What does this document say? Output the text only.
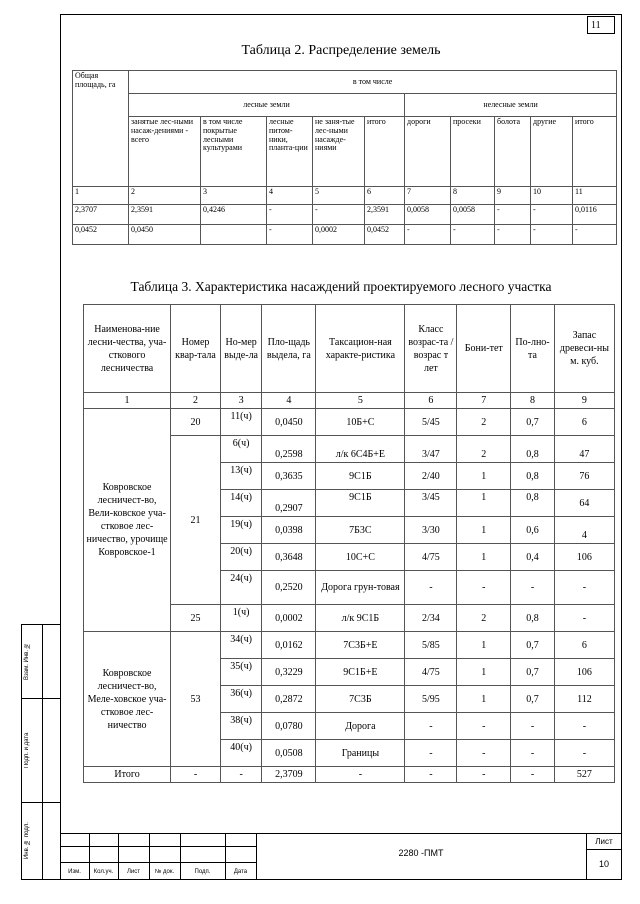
11
Таблица 2. Распределение земель
Общая площадь, га	в том числе									
	лесные земли					нелесные земли				
	занятые лес-ными насаж-дениями - всего	в том числе покрытые лесными культурами	лесные питом-ники, планта-ции	не заня-тые лес-ными насажде-ниями	итого	дороги	просеки	болота	другие	итого
1	2	3	4	5	6	7	8	9	10	11
2,3707	2,3591	0,4246	-	-	2,3591	0,0058	0,0058	-	-	0,0116
0,0452	0,0450		-	0,0002	0,0452	-	-	-	-	-
Таблица 3. Характеристика насаждений проектируемого лесного участка
Наименова-ние лесни-чества, уча-cткового лесничества	Номер квар-тала	Но-мер выде-ла	Пло-щадь выдела, га	Таксацион-ная характе-ристика	Класс возрас-та /возрас т лет	Бони-тет	По-лно-та	Запас древеси-ны м. куб.
1	2	3	4	5	6	7	8	9
Ковровское лесничест-во, Вели-ковское уча-стковое лес-ничество, урочище Ковровское-1	20	11(ч)	0,0450	10Б+С	5/45	2	0,7	6
	21	6(ч)	0,2598	л/к 6С4Б+Е	3/47	2	0,8	47
		13(ч)	0,3635	9С1Б	2/40	1	0,8	76
		14(ч)	0,2907	9С1Б	3/45	1	0,8	64
		19(ч)	0,0398	7Б3С	3/30	1	0,6	4
		20(ч)	0,3648	10С+С	4/75	1	0,4	106
		24(ч)	0,2520	Дорога грун-товая	-	-	-	-
	25	1(ч)	0,0002	л/к 9С1Б	2/34	2	0,8	-
Ковровское лесничест-во, Меле-ховское уча-стковое лес-ничество	53	34(ч)	0,0162	7С3Б+Е	5/85	1	0,7	6
		35(ч)	0,3229	9С1Б+Е	4/75	1	0,7	106
		36(ч)	0,2872	7С3Б	5/95	1	0,7	112
		38(ч)	0,0780	Дорога	-	-	-	-
		40(ч)	0,0508	Границы	-	-	-	-
Итого	-	-	2,3709	-	-	-	-	527
Взам. Инв. №
Подп. и дата
Инв. № подл.
Изм.	Кол.уч.	Лист	№ док.	Подп.	Дата
2280 -ПМТ
Лист
10
